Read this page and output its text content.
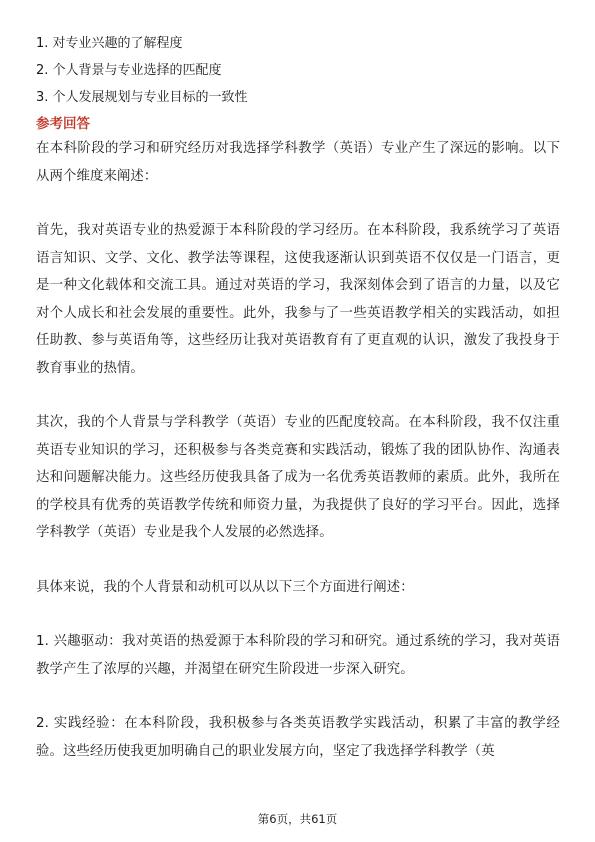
1. 对专业兴趣的了解程度
2. 个人背景与专业选择的匹配度
3. 个人发展规划与专业目标的一致性
参考回答

在本科阶段的学习和研究经历对我选择学科教学（英语）专业产生了深远的影响。以下从两个维度来阐述：

首先，我对英语专业的热爱源于本科阶段的学习经历。在本科阶段，我系统学习了英语语言知识、文学、文化、教学法等课程，这使我逐渐认识到英语不仅仅是一门语言，更是一种文化载体和交流工具。通过对英语的学习，我深刻体会到了语言的力量，以及它对个人成长和社会发展的重要性。此外，我参与了一些英语教学相关的实践活动，如担任助教、参与英语角等，这些经历让我对英语教育有了更直观的认识，激发了我投身于教育事业的热情。

其次，我的个人背景与学科教学（英语）专业的匹配度较高。在本科阶段，我不仅注重英语专业知识的学习，还积极参与各类竞赛和实践活动，锻炼了我的团队协作、沟通表达和问题解决能力。这些经历使我具备了成为一名优秀英语教师的素质。此外，我所在的学校具有优秀的英语教学传统和师资力量，为我提供了良好的学习平台。因此，选择学科教学（英语）专业是我个人发展的必然选择。

具体来说，我的个人背景和动机可以从以下三个方面进行阐述：

1. 兴趣驱动：我对英语的热爱源于本科阶段的学习和研究。通过系统的学习，我对英语教学产生了浓厚的兴趣，并渴望在研究生阶段进一步深入研究。

2. 实践经验：在本科阶段，我积极参与各类英语教学实践活动，积累了丰富的教学经验。这些经历使我更加明确自己的职业发展方向，坚定了我选择学科教学（英

第6页，共61页
